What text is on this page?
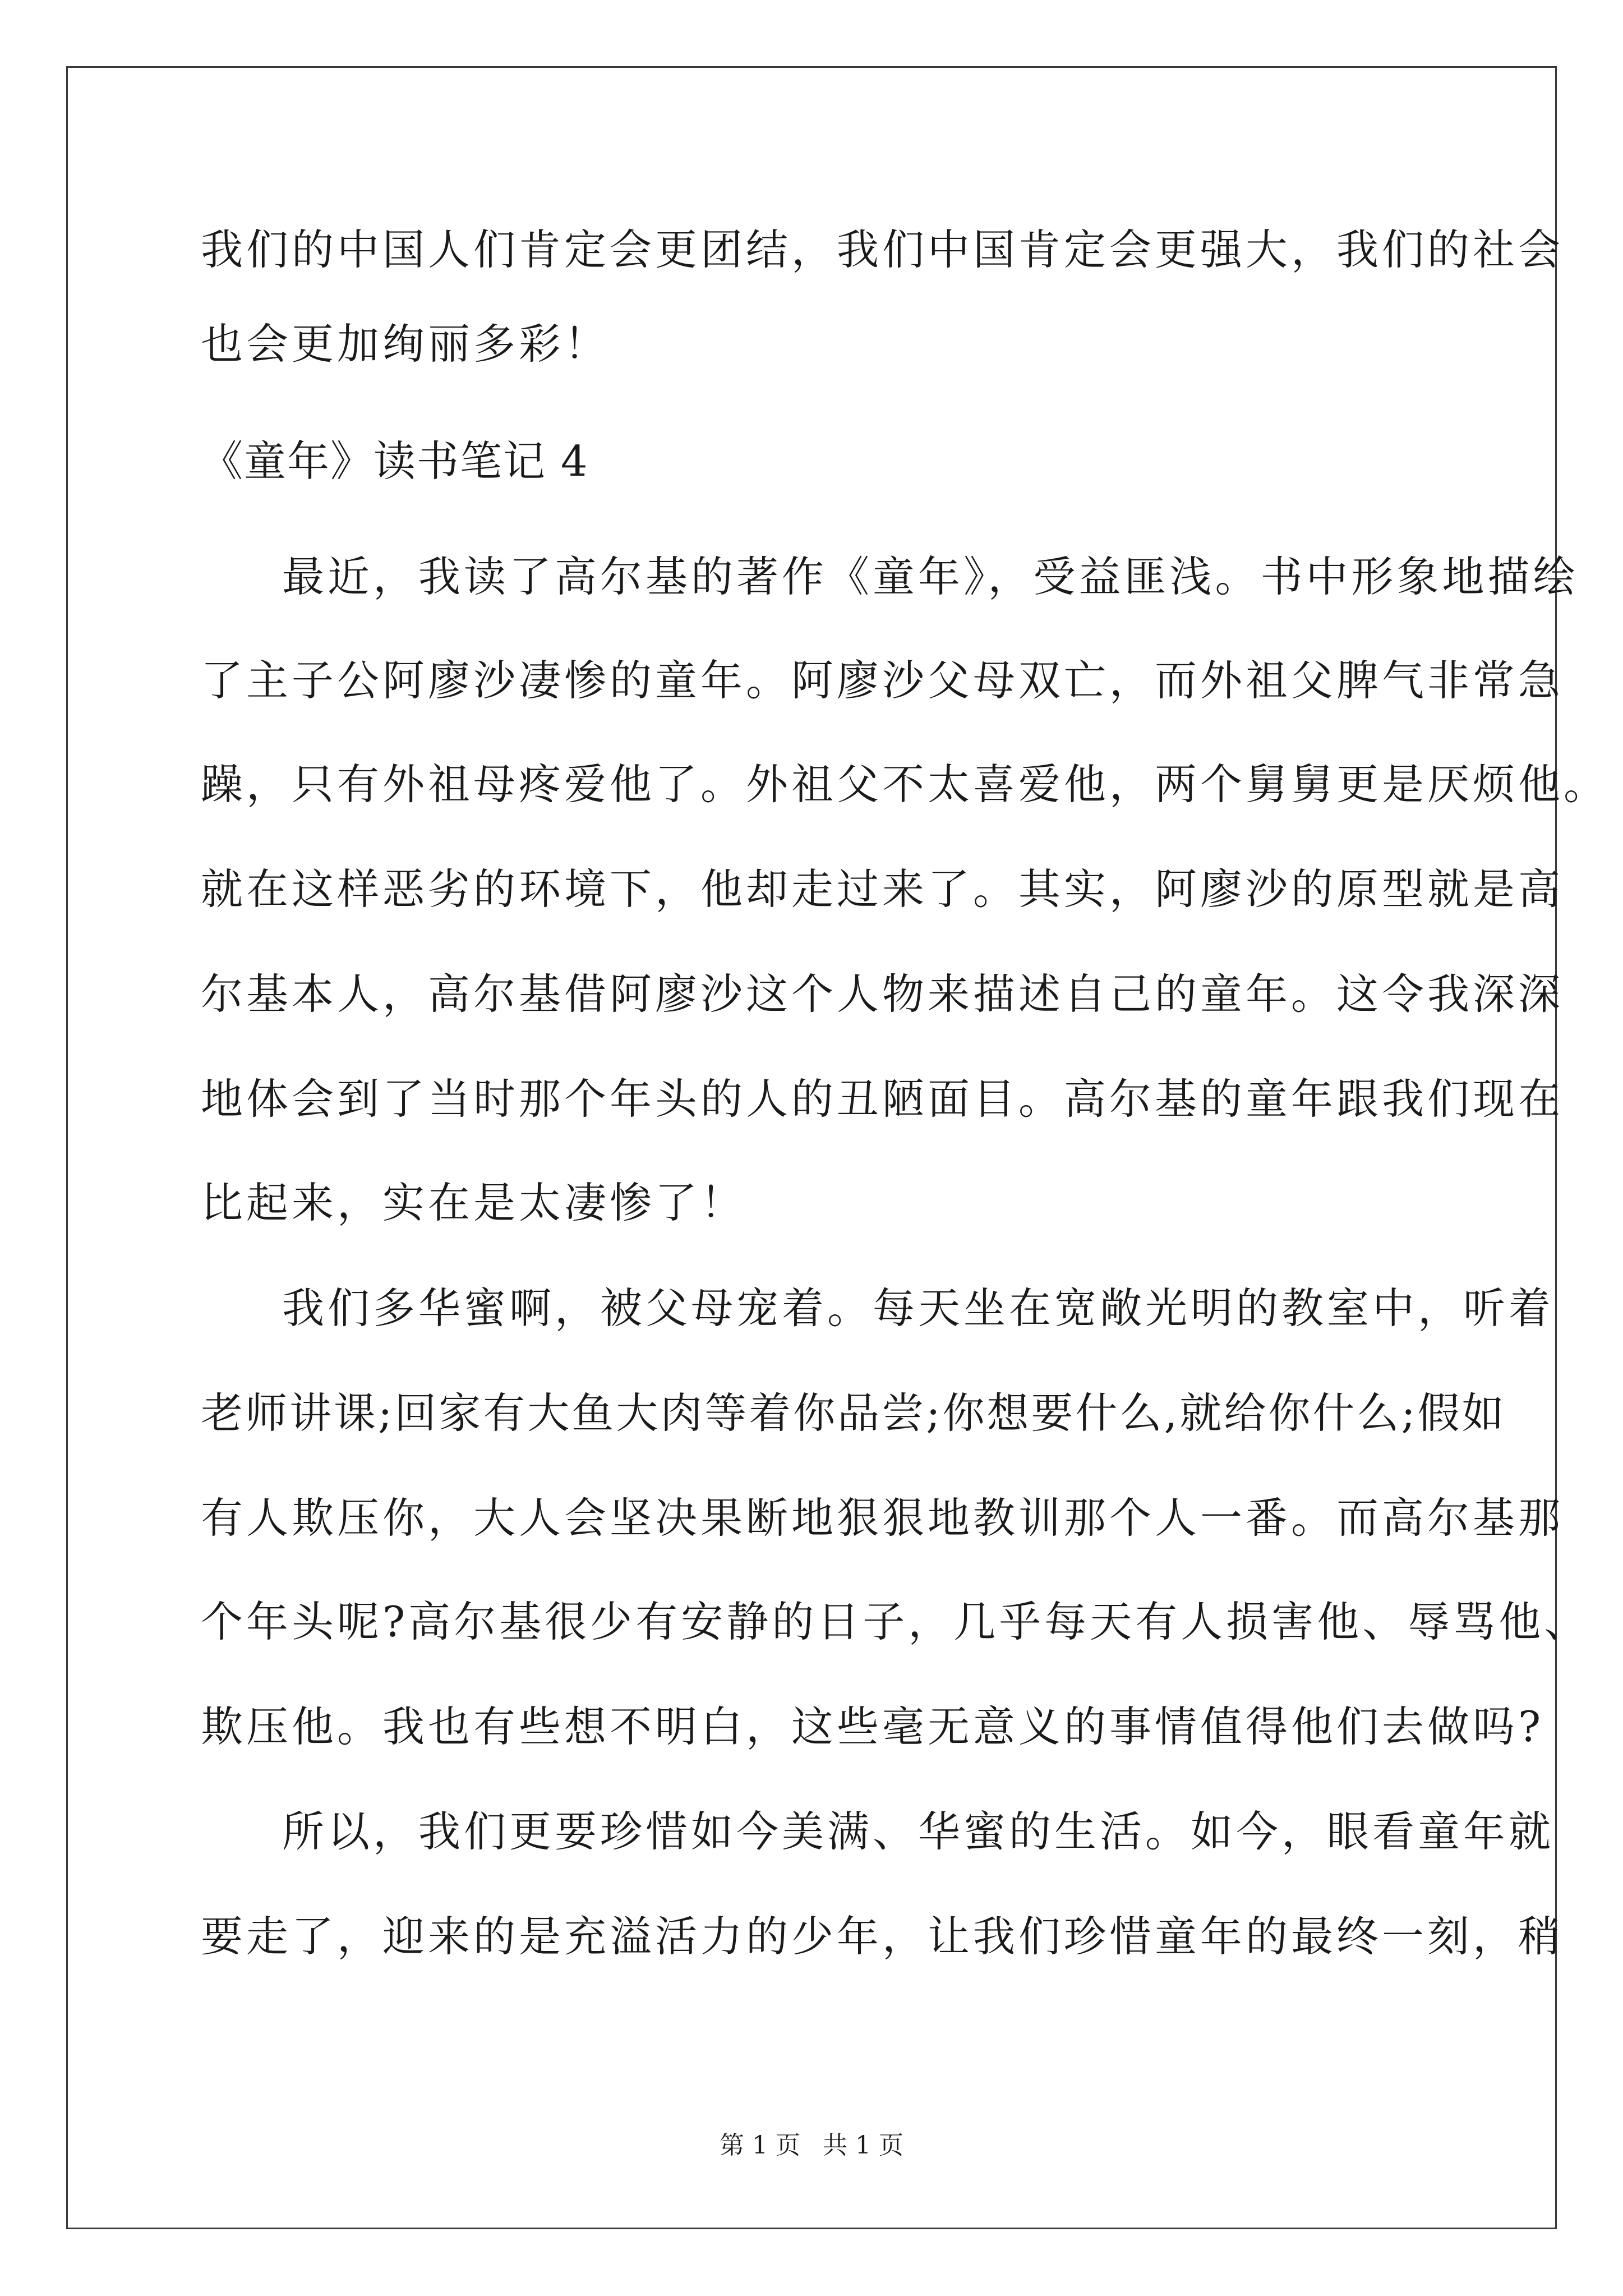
我们的中国人们肯定会更团结，我们中国肯定会更强大，我们的社会
也会更加绚丽多彩！
《童年》读书笔记 4
最近，我读了高尔基的著作《童年》，受益匪浅。书中形象地描绘
了主子公阿廖沙凄惨的童年。阿廖沙父母双亡，而外祖父脾气非常急
躁，只有外祖母疼爱他了。外祖父不太喜爱他，两个舅舅更是厌烦他。
就在这样恶劣的环境下，他却走过来了。其实，阿廖沙的原型就是高
尔基本人，高尔基借阿廖沙这个人物来描述自己的童年。这令我深深
地体会到了当时那个年头的人的丑陋面目。高尔基的童年跟我们现在
比起来，实在是太凄惨了！
我们多华蜜啊，被父母宠着。每天坐在宽敞光明的教室中，听着
老师讲课;回家有大鱼大肉等着你品尝;你想要什么,就给你什么;假如
有人欺压你，大人会坚决果断地狠狠地教训那个人一番。而高尔基那
个年头呢?高尔基很少有安静的日子，几乎每天有人损害他、辱骂他、
欺压他。我也有些想不明白，这些毫无意义的事情值得他们去做吗?
所以，我们更要珍惜如今美满、华蜜的生活。如今，眼看童年就
要走了，迎来的是充溢活力的少年，让我们珍惜童年的最终一刻，稍
第 1 页 共 1 页
